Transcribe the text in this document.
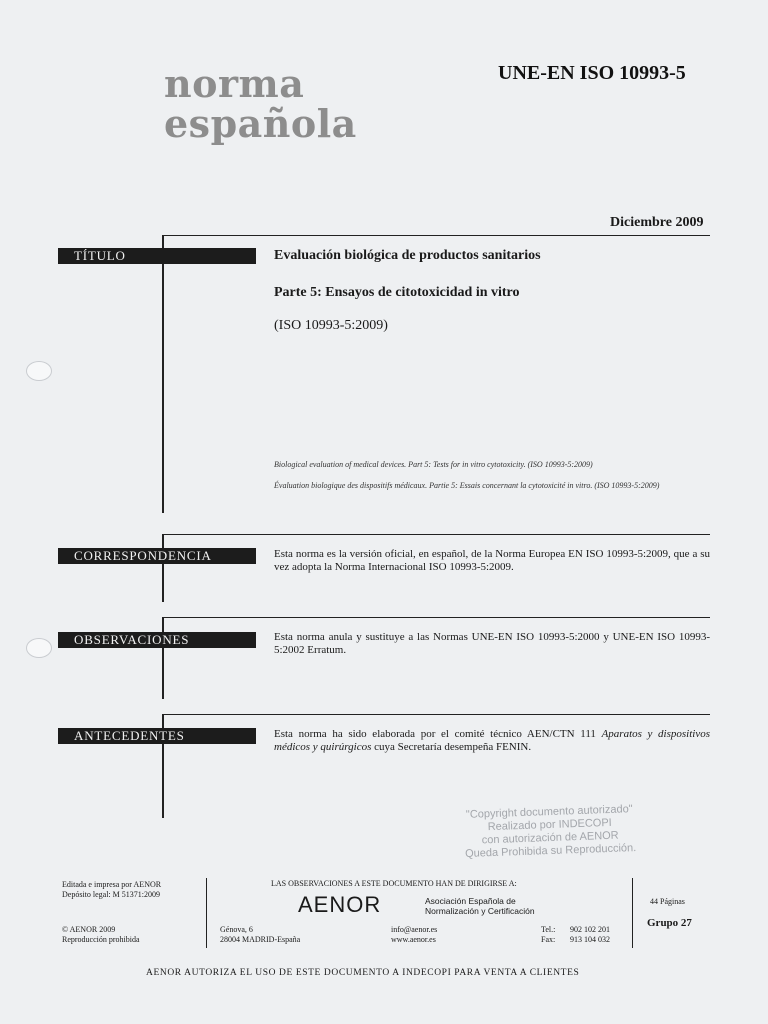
norma
española
UNE-EN ISO 10993-5
Diciembre 2009
TÍTULO	Evaluación biológica de productos sanitarios
Parte 5: Ensayos de citotoxicidad in vitro
(ISO 10993-5:2009)
Biological evaluation of medical devices. Part 5: Tests for in vitro cytotoxicity. (ISO 10993-5:2009)
Évaluation biologique des dispositifs médicaux. Partie 5: Essais concernant la cytotoxicité in vitro. (ISO 10993-5:2009)
CORRESPONDENCIA	Esta norma es la versión oficial, en español, de la Norma Europea EN ISO 10993-5:2009, que a su vez adopta la Norma Internacional ISO 10993-5:2009.
OBSERVACIONES	Esta norma anula y sustituye a las Normas UNE-EN ISO 10993-5:2000 y UNE-EN ISO 10993-5:2002 Erratum.
ANTECEDENTES	Esta norma ha sido elaborada por el comité técnico AEN/CTN 111 Aparatos y dispositivos médicos y quirúrgicos cuya Secretaría desempeña FENIN.
"Copyright documento autorizado"
Realizado por INDECOPI
con autorización de AENOR
Queda Prohibida su Reproducción.
Editada e impresa por AENOR
Depósito legal: M 51371:2009
© AENOR 2009
Reproducción prohibida
LAS OBSERVACIONES A ESTE DOCUMENTO HAN DE DIRIGIRSE A:
AENOR	Asociación Española de
Normalización y Certificación
Génova, 6
28004 MADRID-España
info@aenor.es
www.aenor.es
Tel.: 902 102 201
Fax: 913 104 032
44 Páginas
Grupo 27
AENOR AUTORIZA EL USO DE ESTE DOCUMENTO A INDECOPI PARA VENTA A CLIENTES
